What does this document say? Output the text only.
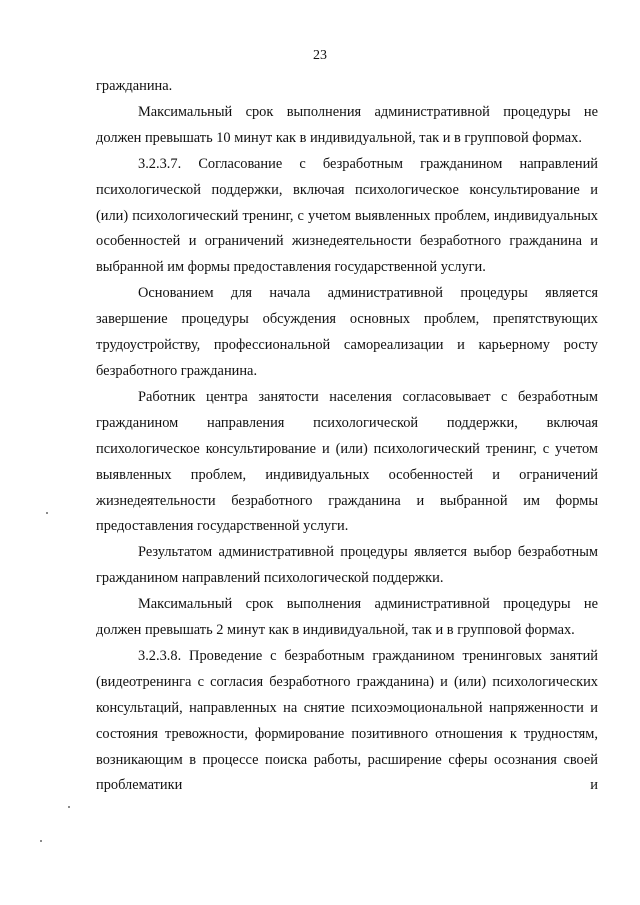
23

гражданина.

Максимальный срок выполнения административной процедуры не должен превышать 10 минут как в индивидуальной, так и в групповой формах.

3.2.3.7. Согласование с безработным гражданином направлений психологической поддержки, включая психологическое консультирование и (или) психологический тренинг, с учетом выявленных проблем, индивидуальных особенностей и ограничений жизнедеятельности безработного гражданина и выбранной им формы предоставления государственной услуги.

Основанием для начала административной процедуры является завершение процедуры обсуждения основных проблем, препятствующих трудоустройству, профессиональной самореализации и карьерному росту безработного гражданина.

Работник центра занятости населения согласовывает с безработным гражданином направления психологической поддержки, включая психологическое консультирование и (или) психологический тренинг, с учетом выявленных проблем, индивидуальных особенностей и ограничений жизнедеятельности безработного гражданина и выбранной им формы предоставления государственной услуги.

Результатом административной процедуры является выбор безработным гражданином направлений психологической поддержки.

Максимальный срок выполнения административной процедуры не должен превышать 2 минут как в индивидуальной, так и в групповой формах.

3.2.3.8. Проведение с безработным гражданином тренинговых занятий (видеотренинга с согласия безработного гражданина) и (или) психологических консультаций, направленных на снятие психоэмоциональной напряженности и состояния тревожности, формирование позитивного отношения к трудностям, возникающим в процессе поиска работы, расширение сферы осознания своей проблематики и
